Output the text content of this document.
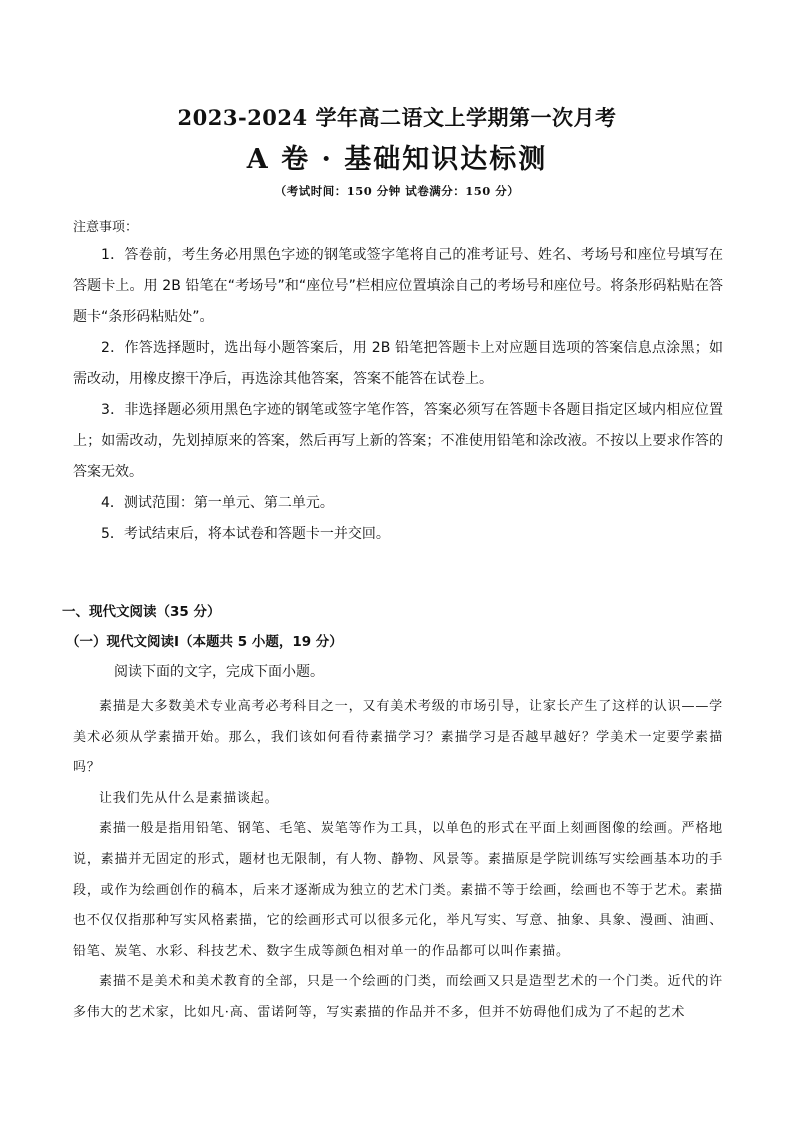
2023-2024 学年高二语文上学期第一次月考
A 卷 · 基础知识达标测
（考试时间：150 分钟 试卷满分：150 分）
注意事项：

1．答卷前，考生务必用黑色字迹的钢笔或签字笔将自己的准考证号、姓名、考场号和座位号填写在答题卡上。用 2B 铅笔在“考场号”和“座位号”栏相应位置填涂自己的考场号和座位号。将条形码粘贴在答题卡“条形码粘贴处”。

2．作答选择题时，选出每小题答案后，用 2B 铅笔把答题卡上对应题目选项的答案信息点涂黑；如需改动，用橡皮擦干净后，再选涂其他答案，答案不能答在试卷上。

3．非选择题必须用黑色字迹的钢笔或签字笔作答，答案必须写在答题卡各题目指定区域内相应位置上；如需改动，先划掉原来的答案，然后再写上新的答案；不准使用铅笔和涂改液。不按以上要求作答的答案无效。

4．测试范围：第一单元、第二单元。

5．考试结束后，将本试卷和答题卡一并交回。

一、现代文阅读（35 分）
（一）现代文阅读Ⅰ（本题共 5 小题，19 分）
阅读下面的文字，完成下面小题。

素描是大多数美术专业高考必考科目之一，又有美术考级的市场引导，让家长产生了这样的认识——学美术必须从学素描开始。那么，我们该如何看待素描学习？素描学习是否越早越好？学美术一定要学素描吗？

让我们先从什么是素描谈起。

素描一般是指用铅笔、钢笔、毛笔、炭笔等作为工具，以单色的形式在平面上刻画图像的绘画。严格地说，素描并无固定的形式，题材也无限制，有人物、静物、风景等。素描原是学院训练写实绘画基本功的手段，或作为绘画创作的稿本，后来才逐渐成为独立的艺术门类。素描不等于绘画，绘画也不等于艺术。素描也不仅仅指那种写实风格素描，它的绘画形式可以很多元化，举凡写实、写意、抽象、具象、漫画、油画、铅笔、炭笔、水彩、科技艺术、数字生成等颜色相对单一的作品都可以叫作素描。

素描不是美术和美术教育的全部，只是一个绘画的门类，而绘画又只是造型艺术的一个门类。近代的许多伟大的艺术家，比如凡·高、雷诺阿等，写实素描的作品并不多，但并不妨碍他们成为了不起的艺术
